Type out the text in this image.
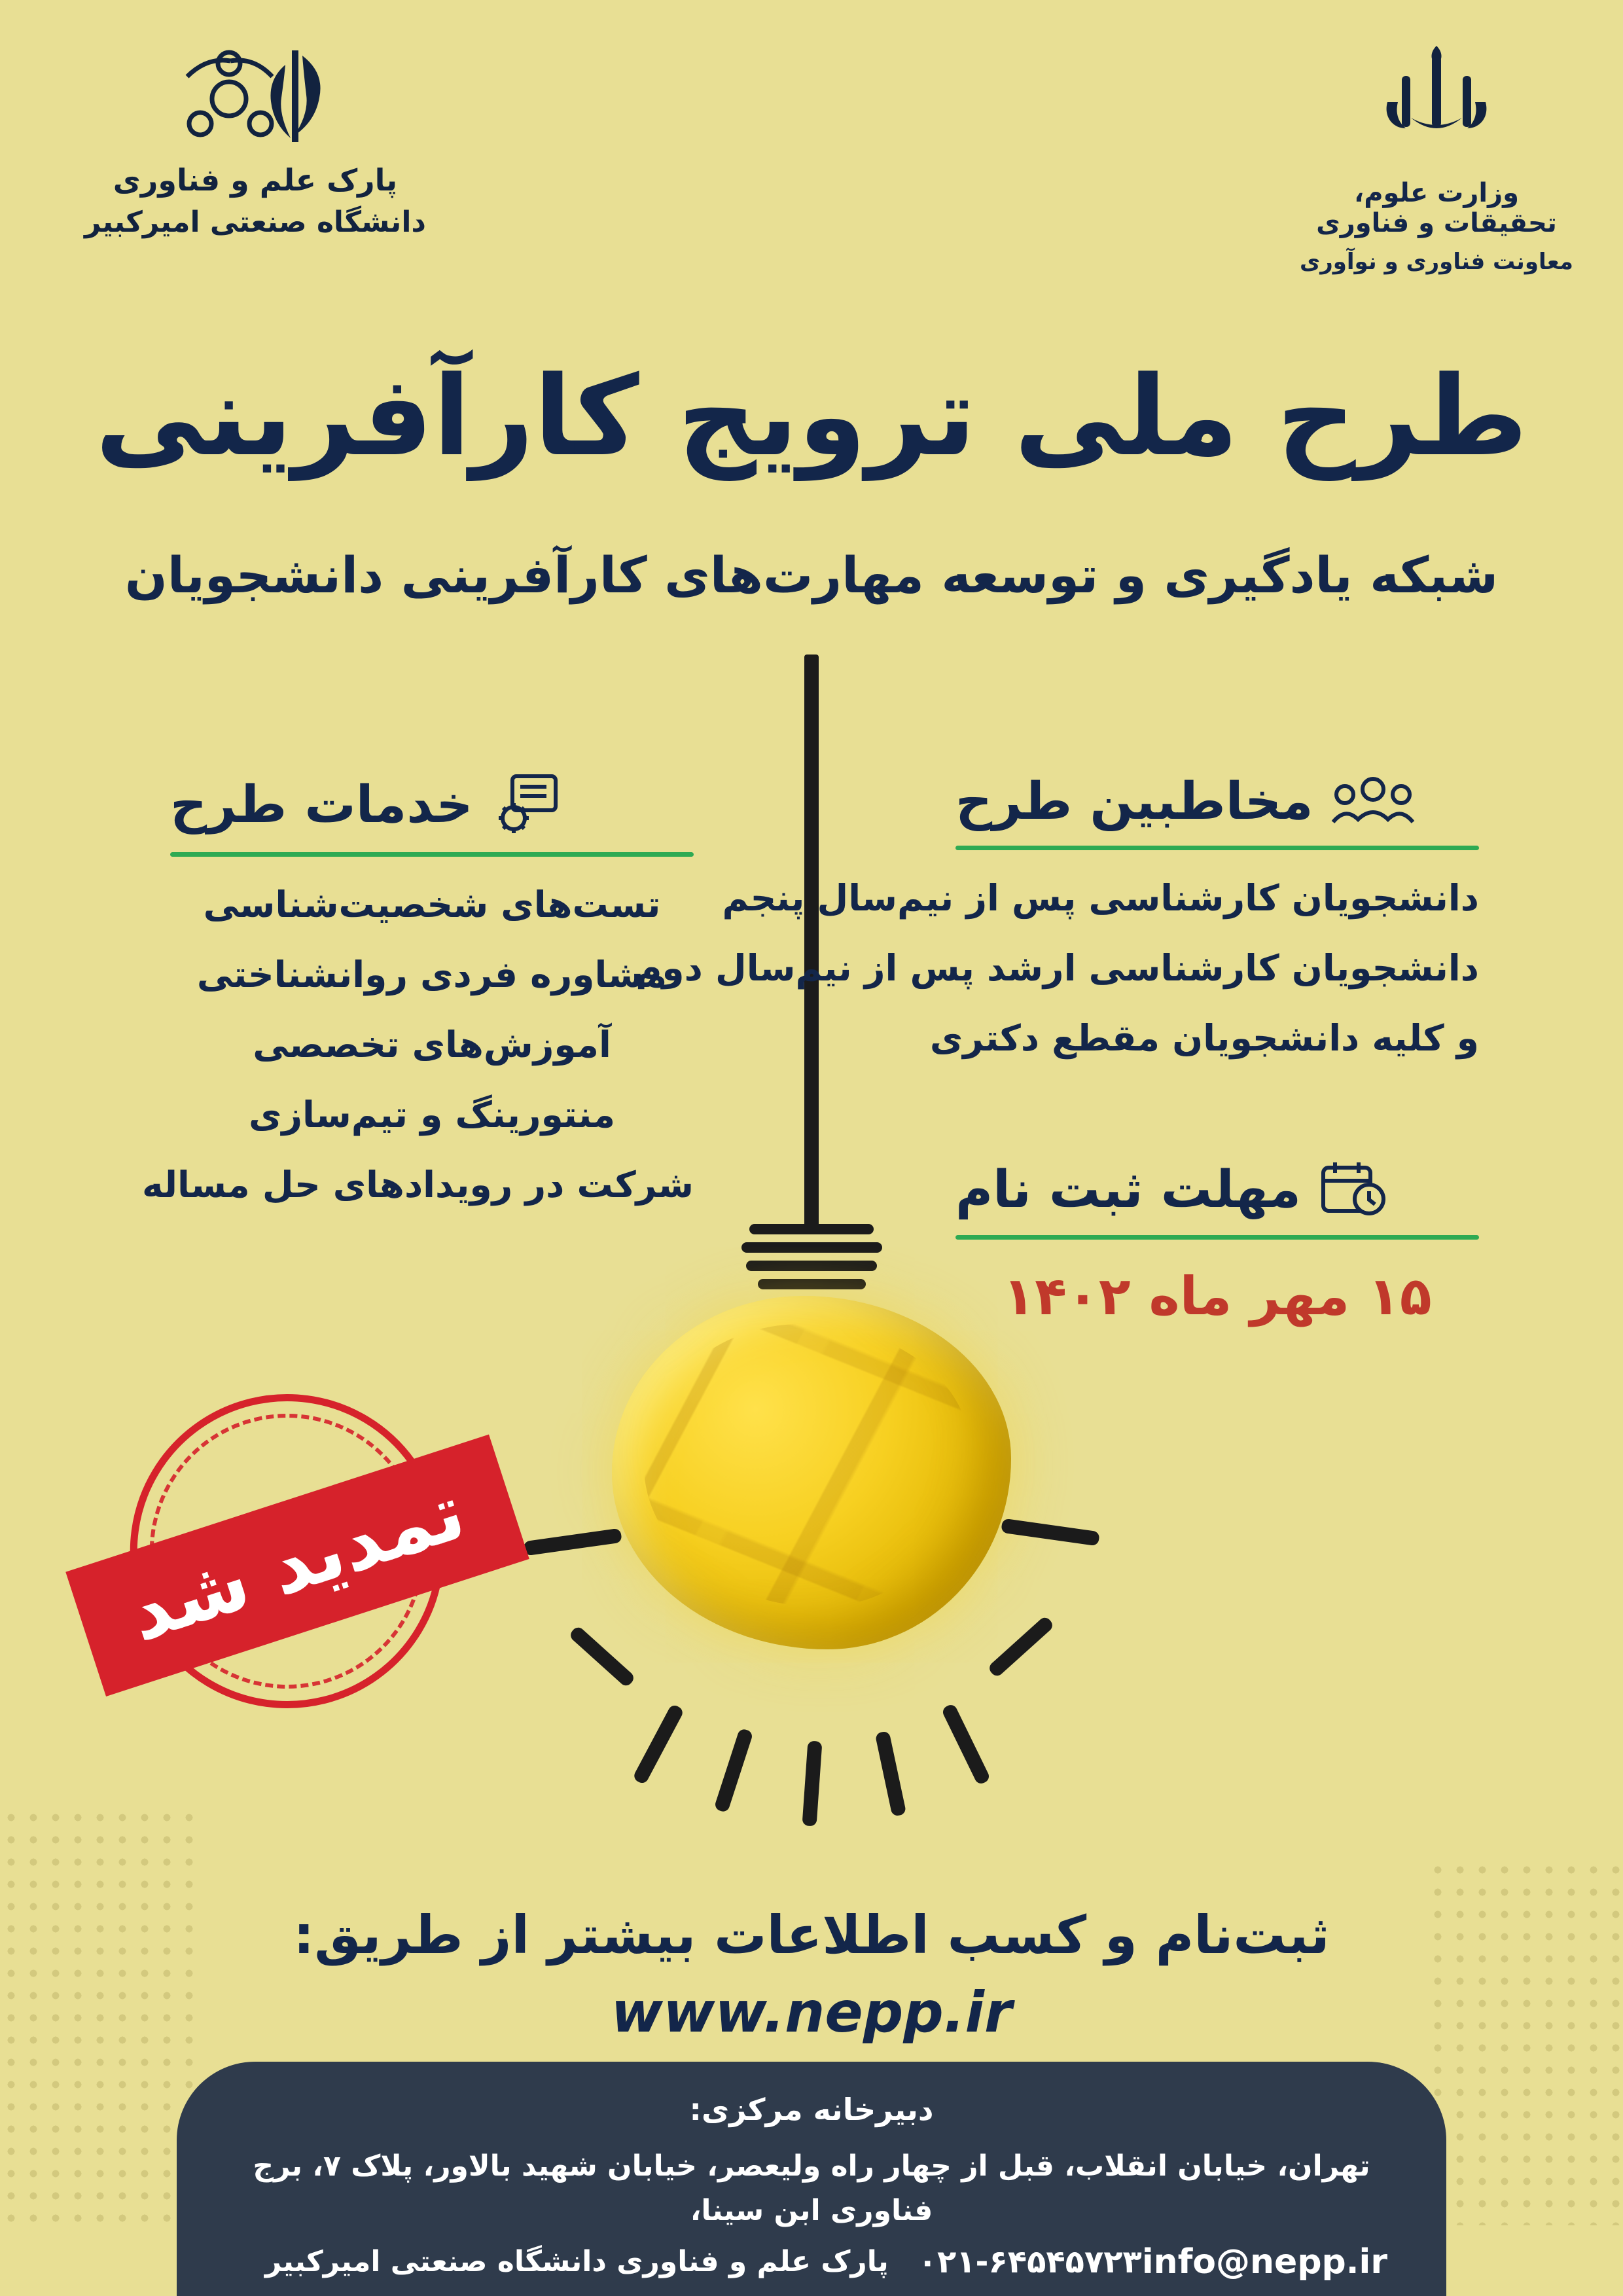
وزارت علوم، تحقیقات و فناوری
معاونت فناوری و نوآوری
پارک علم و فناوری
دانشگاه صنعتی امیرکبیر
طرح ملی ترویج کارآفرینی
شبکه یادگیری و توسعه مهارت‌های کارآفرینی دانشجویان
مخاطبین طرح
دانشجویان کارشناسی پس از نیم‌سال پنجم
دانشجویان کارشناسی ارشد پس از نیم‌سال دوم
و کلیه دانشجویان مقطع دکتری
خدمات طرح
تست‌های شخصیت‌شناسی
مشاوره فردی روانشناختی
آموزش‌های تخصصی
منتورینگ و تیم‌سازی
شرکت در رویدادهای حل مساله	مهلت ثبت نام
۱۵ مهر ماه ۱۴۰۲
تمدید شد
ثبت‌نام و کسب اطلاعات بیشتر از طریق:
www.nepp.ir
دبیرخانه مرکزی:
تهران، خیابان انقلاب، قبل از چهار راه ولیعصر، خیابان شهید بالاور، پلاک ۷، برج فناوری ابن سینا،
info@nepp.ir
۰۲۱-۶۴۵۴۵۷۲۳
پارک علم و فناوری دانشگاه صنعتی امیرکبیر
